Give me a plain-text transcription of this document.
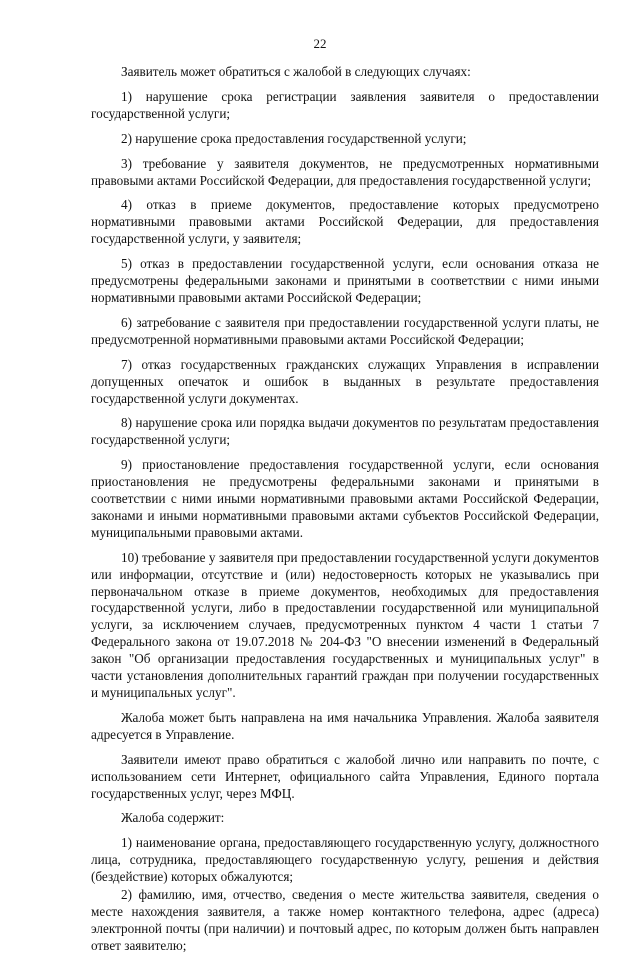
22

Заявитель может обратиться с жалобой в следующих случаях:

1) нарушение срока регистрации заявления заявителя о предоставлении государственной услуги;

2) нарушение срока предоставления государственной услуги;

3) требование у заявителя документов, не предусмотренных нормативными правовыми актами Российской Федерации, для предоставления государственной услуги;

4) отказ в приеме документов, предоставление которых предусмотрено нормативными правовыми актами Российской Федерации, для предоставления государственной услуги, у заявителя;

5) отказ в предоставлении государственной услуги, если основания отказа не предусмотрены федеральными законами и принятыми в соответствии с ними иными нормативными правовыми актами Российской Федерации;

6) затребование с заявителя при предоставлении государственной услуги платы, не предусмотренной нормативными правовыми актами Российской Федерации;

7) отказ государственных гражданских служащих Управления в исправлении допущенных опечаток и ошибок в выданных в результате предоставления государственной услуги документах.

8) нарушение срока или порядка выдачи документов по результатам предоставления государственной услуги;

9) приостановление предоставления государственной услуги, если основания приостановления не предусмотрены федеральными законами и принятыми в соответствии с ними иными нормативными правовыми актами Российской Федерации, законами и иными нормативными правовыми актами субъектов Российской Федерации, муниципальными правовыми актами.

10) требование у заявителя при предоставлении государственной услуги документов или информации, отсутствие и (или) недостоверность которых не указывались при первоначальном отказе в приеме документов, необходимых для предоставления государственной услуги, либо в предоставлении государственной или муниципальной услуги, за исключением случаев, предусмотренных пунктом 4 части 1 статьи 7 Федерального закона от 19.07.2018 № 204-ФЗ "О внесении изменений в Федеральный закон "Об организации предоставления государственных и муниципальных услуг" в части установления дополнительных гарантий граждан при получении государственных и муниципальных услуг".

Жалоба может быть направлена на имя начальника Управления. Жалоба заявителя адресуется в Управление.

Заявители имеют право обратиться с жалобой лично или направить по почте, с использованием сети Интернет, официального сайта Управления, Единого портала государственных услуг, через МФЦ.

Жалоба содержит:

1) наименование органа, предоставляющего государственную услугу, должностного лица, сотрудника, предоставляющего государственную услугу, решения и действия (бездействие) которых обжалуются;

2) фамилию, имя, отчество, сведения о месте жительства заявителя, сведения о месте нахождения заявителя, а также номер контактного телефона, адрес (адреса) электронной почты (при наличии) и почтовый адрес, по которым должен быть направлен ответ заявителю;
